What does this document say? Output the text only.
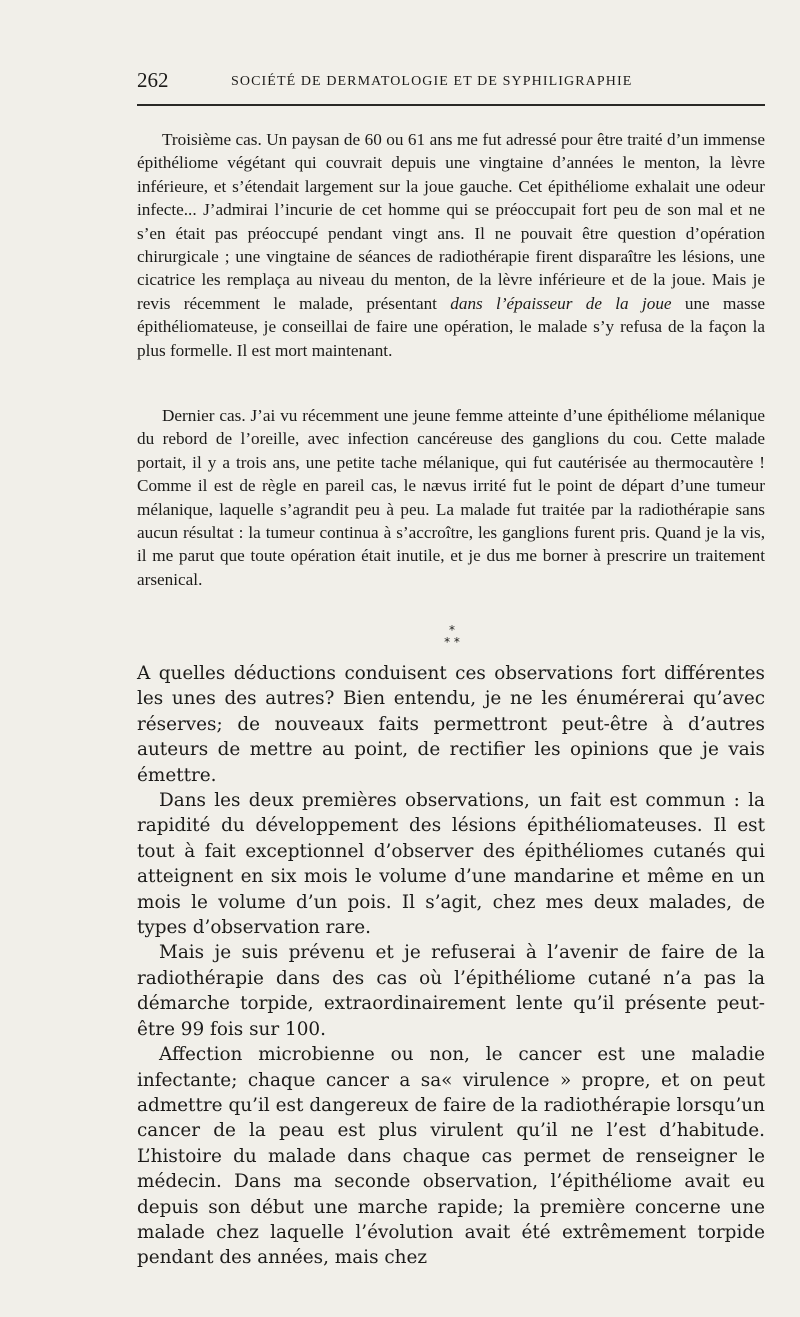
262	SOCIÉTÉ DE DERMATOLOGIE ET DE SYPHILIGRAPHIE

Troisième cas. Un paysan de 60 ou 61 ans me fut adressé pour être traité d’un immense épithéliome végétant qui couvrait depuis une vingtaine d’années le menton, la lèvre inférieure, et s’étendait largement sur la joue gauche. Cet épithéliome exhalait une odeur infecte... J’admirai l’incurie de cet homme qui se préoccupait fort peu de son mal et ne s’en était pas préoccupé pendant vingt ans. Il ne pouvait être question d’opération chirurgicale ; une vingtaine de séances de radiothérapie firent disparaître les lésions, une cicatrice les remplaça au niveau du menton, de la lèvre inférieure et de la joue. Mais je revis récemment le malade, présentant dans l’épaisseur de la joue une masse épithéliomateuse, je conseillai de faire une opération, le malade s’y refusa de la façon la plus formelle. Il est mort maintenant.

Dernier cas. J’ai vu récemment une jeune femme atteinte d’une épithéliome mélanique du rebord de l’oreille, avec infection cancéreuse des ganglions du cou. Cette malade portait, il y a trois ans, une petite tache mélanique, qui fut cautérisée au thermocautère ! Comme il est de règle en pareil cas, le nævus irrité fut le point de départ d’une tumeur mélanique, laquelle s’agrandit peu à peu. La malade fut traitée par la radiothérapie sans aucun résultat : la tumeur continua à s’accroître, les ganglions furent pris. Quand je la vis, il me parut que toute opération était inutile, et je dus me borner à prescrire un traitement arsenical.

*
* *

A quelles déductions conduisent ces observations fort différentes les unes des autres? Bien entendu, je ne les énumérerai qu’avec réserves; de nouveaux faits permettront peut-être à d’autres auteurs de mettre au point, de rectifier les opinions que je vais émettre.

Dans les deux premières observations, un fait est commun : la rapidité du développement des lésions épithéliomateuses. Il est tout à fait exceptionnel d’observer des épithéliomes cutanés qui atteignent en six mois le volume d’une mandarine et même en un mois le volume d’un pois. Il s’agit, chez mes deux malades, de types d’observation rare.

Mais je suis prévenu et je refuserai à l’avenir de faire de la radiothérapie dans des cas où l’épithéliome cutané n’a pas la démarche torpide, extraordinairement lente qu’il présente peut-être 99 fois sur 100.

Affection microbienne ou non, le cancer est une maladie infectante; chaque cancer a sa« virulence » propre, et on peut admettre qu’il est dangereux de faire de la radiothérapie lorsqu’un cancer de la peau est plus virulent qu’il ne l’est d’habitude. L’histoire du malade dans chaque cas permet de renseigner le médecin. Dans ma seconde observation, l’épithéliome avait eu depuis son début une marche rapide; la première concerne une malade chez laquelle l’évolution avait été extrêmement torpide pendant des années, mais chez
